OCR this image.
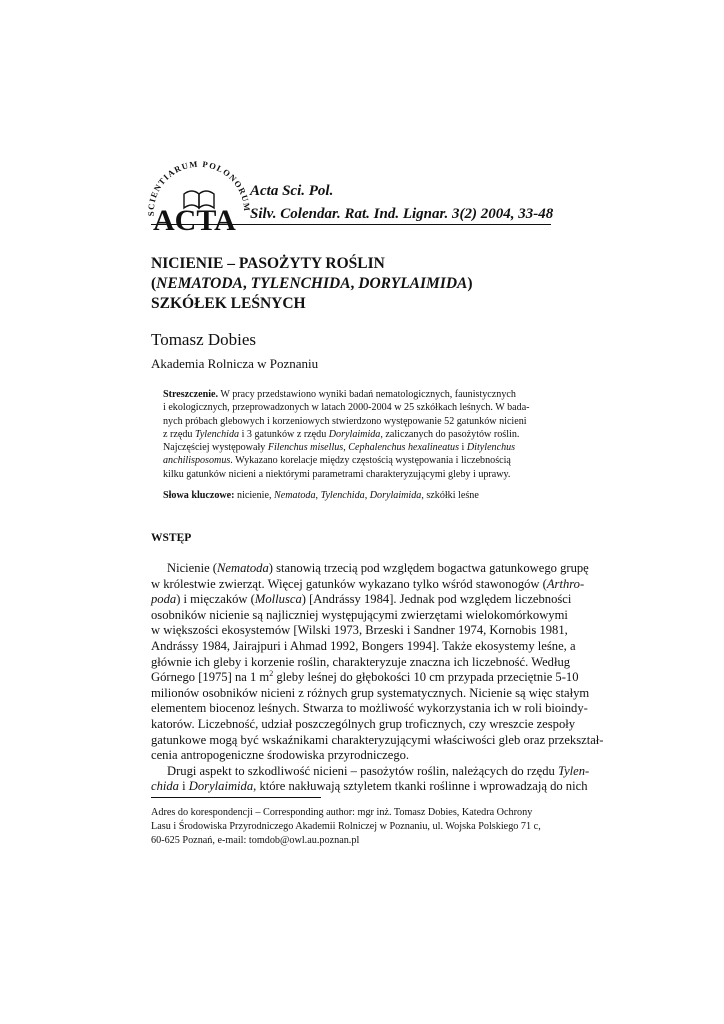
SCIENTIARUM POLONORUM
ACTA
Acta Sci. Pol.
Silv. Colendar. Rat. Ind. Lignar. 3(2) 2004, 33-48
NICIENIE – PASOŻYTY ROŚLIN
(NEMATODA, TYLENCHIDA, DORYLAIMIDA)
SZKÓŁEK LEŚNYCH
Tomasz Dobies
Akademia Rolnicza w Poznaniu
Streszczenie. W pracy przedstawiono wyniki badań nematologicznych, faunistycznych
i ekologicznych, przeprowadzonych w latach 2000-2004 w 25 szkółkach leśnych. W bada-
nych próbach glebowych i korzeniowych stwierdzono występowanie 52 gatunków nicieni
z rzędu Tylenchida i 3 gatunków z rzędu Dorylaimida, zaliczanych do pasożytów roślin.
Najczęściej występowały Filenchus misellus, Cephalenchus hexalineatus i Ditylenchus
anchilisposomus. Wykazano korelacje między częstością występowania i liczebnością
kilku gatunków nicieni a niektórymi parametrami charakteryzującymi gleby i uprawy.
Słowa kluczowe: nicienie, Nematoda, Tylenchida, Dorylaimida, szkółki leśne
WSTĘP
Nicienie (Nematoda) stanowią trzecią pod względem bogactwa gatunkowego grupę
w królestwie zwierząt. Więcej gatunków wykazano tylko wśród stawonogów (Arthro-
poda) i mięczaków (Mollusca) [Andrássy 1984]. Jednak pod względem liczebności
osobników nicienie są najliczniej występującymi zwierzętami wielokomórkowymi
w większości ekosystemów [Wilski 1973, Brzeski i Sandner 1974, Kornobis 1981,
Andrássy 1984, Jairajpuri i Ahmad 1992, Bongers 1994]. Także ekosystemy leśne, a
głównie ich gleby i korzenie roślin, charakteryzuje znaczna ich liczebność. Według
Górnego [1975] na 1 $m^2$ gleby leśnej do głębokości 10 cm przypada przeciętnie 5-10
milionów osobników nicieni z różnych grup systematycznych. Nicienie są więc stałym
elementem biocenoz leśnych. Stwarza to możliwość wykorzystania ich w roli bioindy-
katorów. Liczebność, udział poszczególnych grup troficznych, czy wreszcie zespoły
gatunkowe mogą być wskaźnikami charakteryzującymi właściwości gleb oraz przekształ-
cenia antropogeniczne środowiska przyrodniczego.
Drugi aspekt to szkodliwość nicieni – pasożytów roślin, należących do rzędu Tylen-
chida i Dorylaimida, które nakłuwają sztyletem tkanki roślinne i wprowadzają do nich
Adres do korespondencji – Corresponding author: mgr inż. Tomasz Dobies, Katedra Ochrony
Lasu i Środowiska Przyrodniczego Akademii Rolniczej w Poznaniu, ul. Wojska Polskiego 71 c,
60-625 Poznań, e-mail: tomdob@owl.au.poznan.pl
